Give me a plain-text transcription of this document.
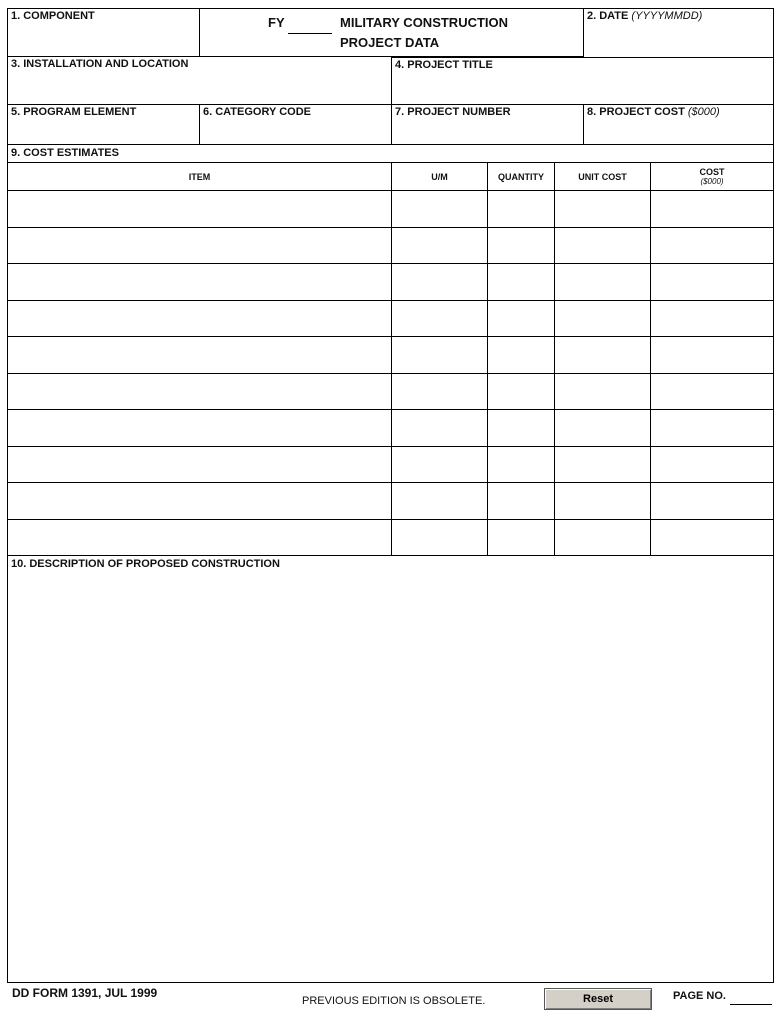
1. COMPONENT	FY	MILITARY CONSTRUCTION
PROJECT DATA
2. DATE (YYYYMMDD)
3. INSTALLATION AND LOCATION	4. PROJECT TITLE
5. PROGRAM ELEMENT	6. CATEGORY CODE	7. PROJECT NUMBER	8. PROJECT COST ($000)
9. COST ESTIMATES
10. DESCRIPTION OF PROPOSED CONSTRUCTION
ITEM	U/M	QUANTITY	UNIT COST	COST
($000)
DD FORM 1391, JUL 1999
PREVIOUS EDITION IS OBSOLETE.	Reset	PAGE NO.
